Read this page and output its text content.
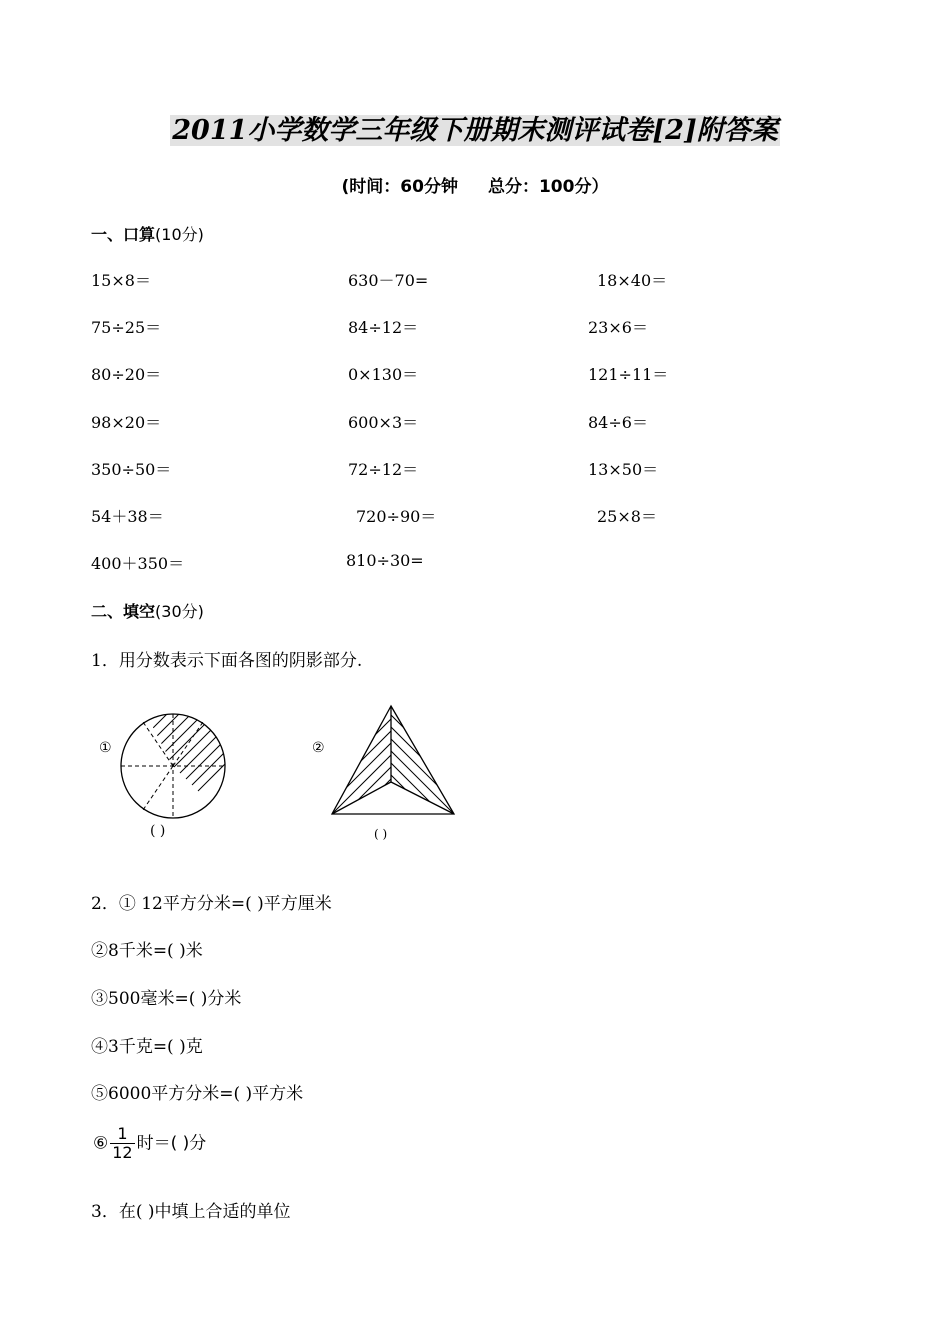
2011小学数学三年级下册期末测评试卷[2]附答案
(时间：60分钟 总分：100分）
一、口算(10分)
15×8＝	630－70=	18×40＝
75÷25＝	84÷12＝	23×6＝
80÷20＝	0×130＝	121÷11＝
98×20＝	600×3＝	84÷6＝
350÷50＝	72÷12＝	13×50＝
54＋38＝	720÷90＝	25×8＝
400＋350＝	810÷30=
二、填空(30分)
1．用分数表示下面各图的阴影部分.
①
( )
②
( )
2．① 12平方分米=( )平方厘米
②8千米=( )米
③500毫米=( )分米
④3千克=( )克
⑤6000平方分米=( )平方米
⑥ $\frac{1}{12}$ 时＝( )分
3．在( )中填上合适的单位
